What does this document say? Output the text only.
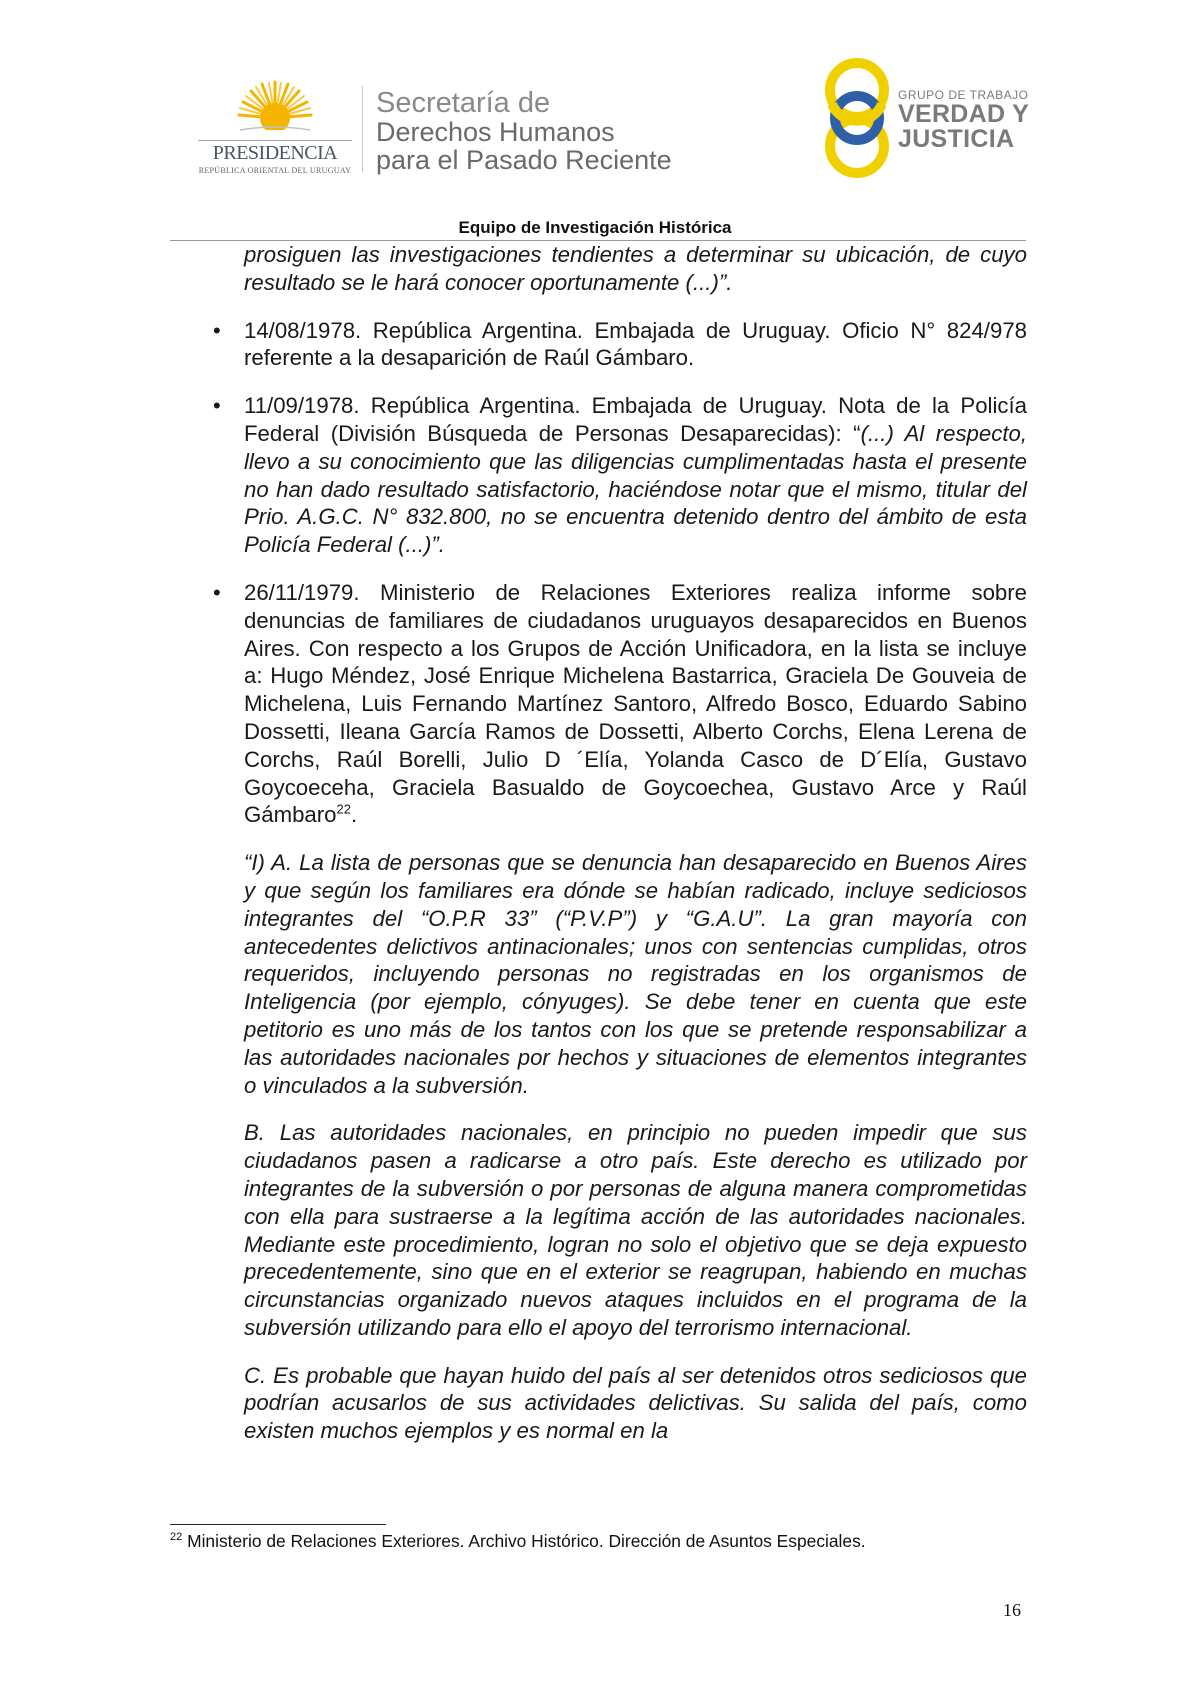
PRESIDENCIA
REPÚBLICA ORIENTAL DEL URUGUAY
Secretaría de
Derechos Humanos
para el Pasado Reciente
GRUPO DE TRABAJO
VERDAD Y
JUSTICIA
Equipo de Investigación Histórica

prosiguen las investigaciones tendientes a determinar su ubicación, de cuyo resultado se le hará conocer oportunamente (...)”.

• 14/08/1978. República Argentina. Embajada de Uruguay. Oficio N° 824/978 referente a la desaparición de Raúl Gámbaro.

• 11/09/1978. República Argentina. Embajada de Uruguay. Nota de la Policía Federal (División Búsqueda de Personas Desaparecidas): “(...) Al respecto, llevo a su conocimiento que las diligencias cumplimentadas hasta el presente no han dado resultado satisfactorio, haciéndose notar que el mismo, titular del Prio. A.G.C. N° 832.800, no se encuentra detenido dentro del ámbito de esta Policía Federal (...)”.

• 26/11/1979. Ministerio de Relaciones Exteriores realiza informe sobre denuncias de familiares de ciudadanos uruguayos desaparecidos en Buenos Aires. Con respecto a los Grupos de Acción Unificadora, en la lista se incluye a: Hugo Méndez, José Enrique Michelena Bastarrica, Graciela De Gouveia de Michelena, Luis Fernando Martínez Santoro, Alfredo Bosco, Eduardo Sabino Dossetti, Ileana García Ramos de Dossetti, Alberto Corchs, Elena Lerena de Corchs, Raúl Borelli, Julio D ´Elía, Yolanda Casco de D´Elía, Gustavo Goycoeceha, Graciela Basualdo de Goycoechea, Gustavo Arce y Raúl Gámbaro$^{22}$.

“I) A. La lista de personas que se denuncia han desaparecido en Buenos Aires y que según los familiares era dónde se habían radicado, incluye sediciosos integrantes del “O.P.R 33” (“P.V.P”) y “G.A.U”. La gran mayoría con antecedentes delictivos antinacionales; unos con sentencias cumplidas, otros requeridos, incluyendo personas no registradas en los organismos de Inteligencia (por ejemplo, cónyuges). Se debe tener en cuenta que este petitorio es uno más de los tantos con los que se pretende responsabilizar a las autoridades nacionales por hechos y situaciones de elementos integrantes o vinculados a la subversión.

B. Las autoridades nacionales, en principio no pueden impedir que sus ciudadanos pasen a radicarse a otro país. Este derecho es utilizado por integrantes de la subversión o por personas de alguna manera comprometidas con ella para sustraerse a la legítima acción de las autoridades nacionales. Mediante este procedimiento, logran no solo el objetivo que se deja expuesto precedentemente, sino que en el exterior se reagrupan, habiendo en muchas circunstancias organizado nuevos ataques incluidos en el programa de la subversión utilizando para ello el apoyo del terrorismo internacional.

C. Es probable que hayan huido del país al ser detenidos otros sediciosos que podrían acusarlos de sus actividades delictivas. Su salida del país, como existen muchos ejemplos y es normal en la

$^{22}$ Ministerio de Relaciones Exteriores. Archivo Histórico. Dirección de Asuntos Especiales.
16
